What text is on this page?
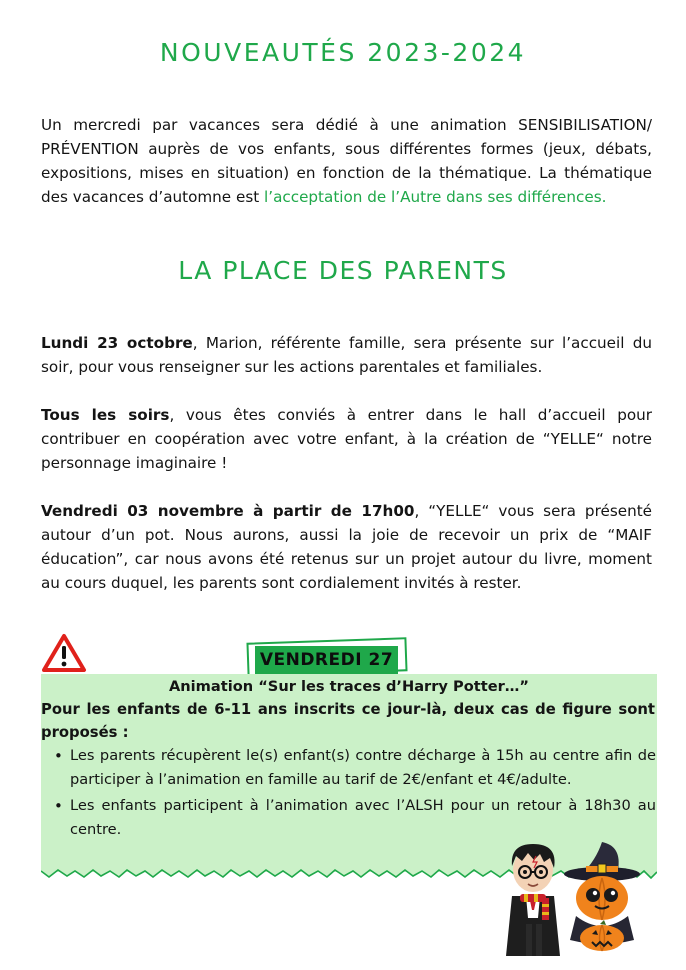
NOUVEAUTÉS 2023-2024

Un mercredi par vacances sera dédié à une animation SENSIBILISATION/ PRÉVENTION auprès de vos enfants, sous différentes formes (jeux, débats, expositions, mises en situation) en fonction de la thématique. La thématique des vacances d’automne est l’acceptation de l’Autre dans ses différences.

LA PLACE DES PARENTS

Lundi 23 octobre, Marion, référente famille, sera présente sur l’accueil du soir, pour vous renseigner sur les actions parentales et familiales.

Tous les soirs, vous êtes conviés à entrer dans le hall d’accueil pour contribuer en coopération avec votre enfant, à la création de “YELLE“ notre personnage imaginaire !

Vendredi 03 novembre à partir de 17h00, “YELLE“ vous sera présenté autour d’un pot. Nous aurons, aussi la joie de recevoir un prix de “MAIF éducation”, car nous avons été retenus sur un projet autour du livre, moment au cours duquel, les parents sont cordialement invités à rester.

VENDREDI 27
Animation “Sur les traces d’Harry Potter…”
Pour les enfants de 6-11 ans inscrits ce jour-là, deux cas de figure sont proposés :
• Les parents récupèrent le(s) enfant(s) contre décharge à 15h au centre afin de participer à l’animation en famille au tarif de 2€/enfant et 4€/adulte.
• Les enfants participent à l’animation avec l’ALSH pour un retour à 18h30 au centre.
